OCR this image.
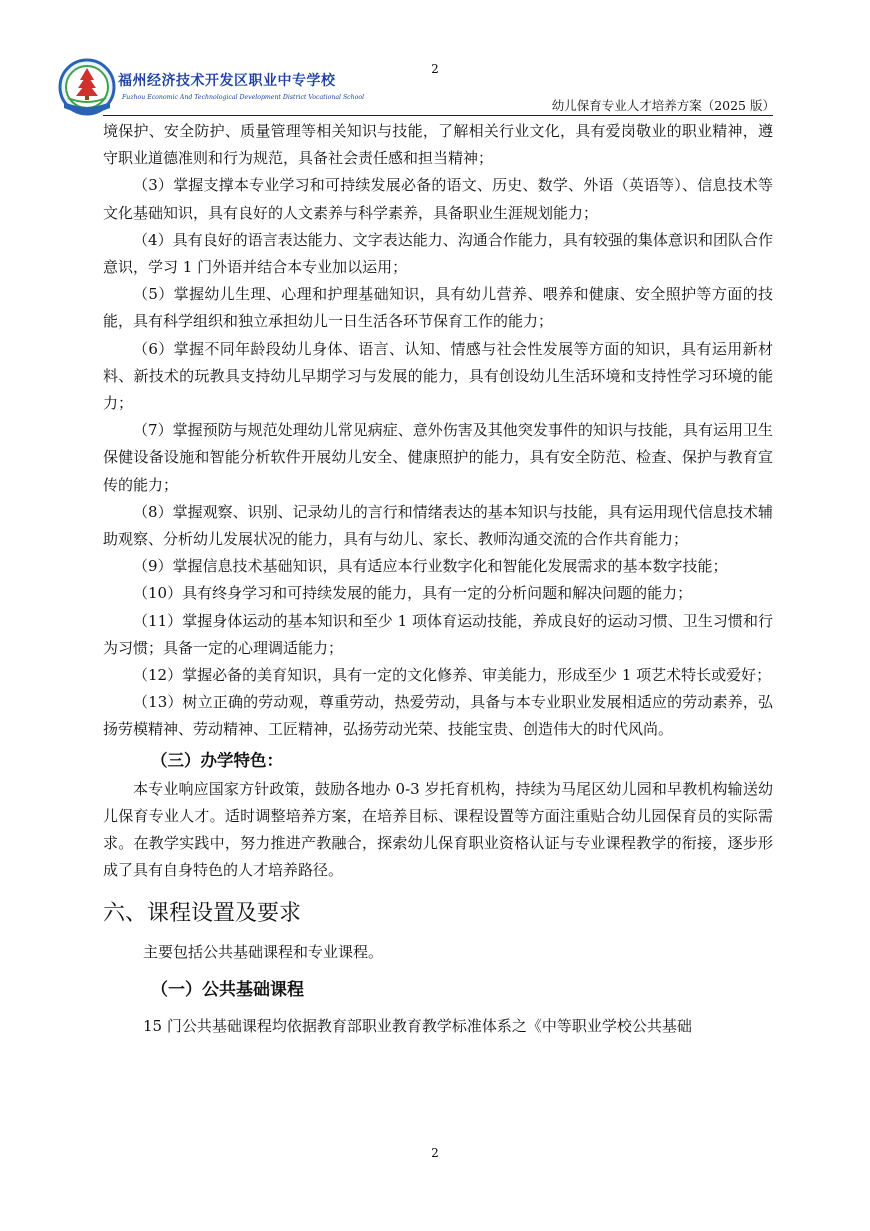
2
福州经济技术开发区职业中专学校
Fuzhou Economic And Technological Development District Vocational School
幼儿保育专业人才培养方案（2025 版）

境保护、安全防护、质量管理等相关知识与技能，了解相关行业文化，具有爱岗敬业的职业精神，遵守职业道德准则和行为规范，具备社会责任感和担当精神；

（3）掌握支撑本专业学习和可持续发展必备的语文、历史、数学、外语（英语等）、信息技术等文化基础知识，具有良好的人文素养与科学素养，具备职业生涯规划能力；

（4）具有良好的语言表达能力、文字表达能力、沟通合作能力，具有较强的集体意识和团队合作意识，学习 1 门外语并结合本专业加以运用；

（5）掌握幼儿生理、心理和护理基础知识，具有幼儿营养、喂养和健康、安全照护等方面的技能，具有科学组织和独立承担幼儿一日生活各环节保育工作的能力；

（6）掌握不同年龄段幼儿身体、语言、认知、情感与社会性发展等方面的知识，具有运用新材料、新技术的玩教具支持幼儿早期学习与发展的能力，具有创设幼儿生活环境和支持性学习环境的能力；

（7）掌握预防与规范处理幼儿常见病症、意外伤害及其他突发事件的知识与技能，具有运用卫生保健设备设施和智能分析软件开展幼儿安全、健康照护的能力，具有安全防范、检查、保护与教育宣传的能力；

（8）掌握观察、识别、记录幼儿的言行和情绪表达的基本知识与技能，具有运用现代信息技术辅助观察、分析幼儿发展状况的能力，具有与幼儿、家长、教师沟通交流的合作共育能力；

（9）掌握信息技术基础知识，具有适应本行业数字化和智能化发展需求的基本数字技能；

（10）具有终身学习和可持续发展的能力，具有一定的分析问题和解决问题的能力；

（11）掌握身体运动的基本知识和至少 1 项体育运动技能，养成良好的运动习惯、卫生习惯和行为习惯；具备一定的心理调适能力；

（12）掌握必备的美育知识，具有一定的文化修养、审美能力，形成至少 1 项艺术特长或爱好；

（13）树立正确的劳动观，尊重劳动，热爱劳动，具备与本专业职业发展相适应的劳动素养，弘扬劳模精神、劳动精神、工匠精神，弘扬劳动光荣、技能宝贵、创造伟大的时代风尚。

（三）办学特色：

本专业响应国家方针政策，鼓励各地办 0-3 岁托育机构，持续为马尾区幼儿园和早教机构输送幼儿保育专业人才。适时调整培养方案，在培养目标、课程设置等方面注重贴合幼儿园保育员的实际需求。在教学实践中，努力推进产教融合，探索幼儿保育职业资格认证与专业课程教学的衔接，逐步形成了具有自身特色的人才培养路径。

六、课程设置及要求

主要包括公共基础课程和专业课程。

（一）公共基础课程

15 门公共基础课程均依据教育部职业教育教学标准体系之《中等职业学校公共基础

2
